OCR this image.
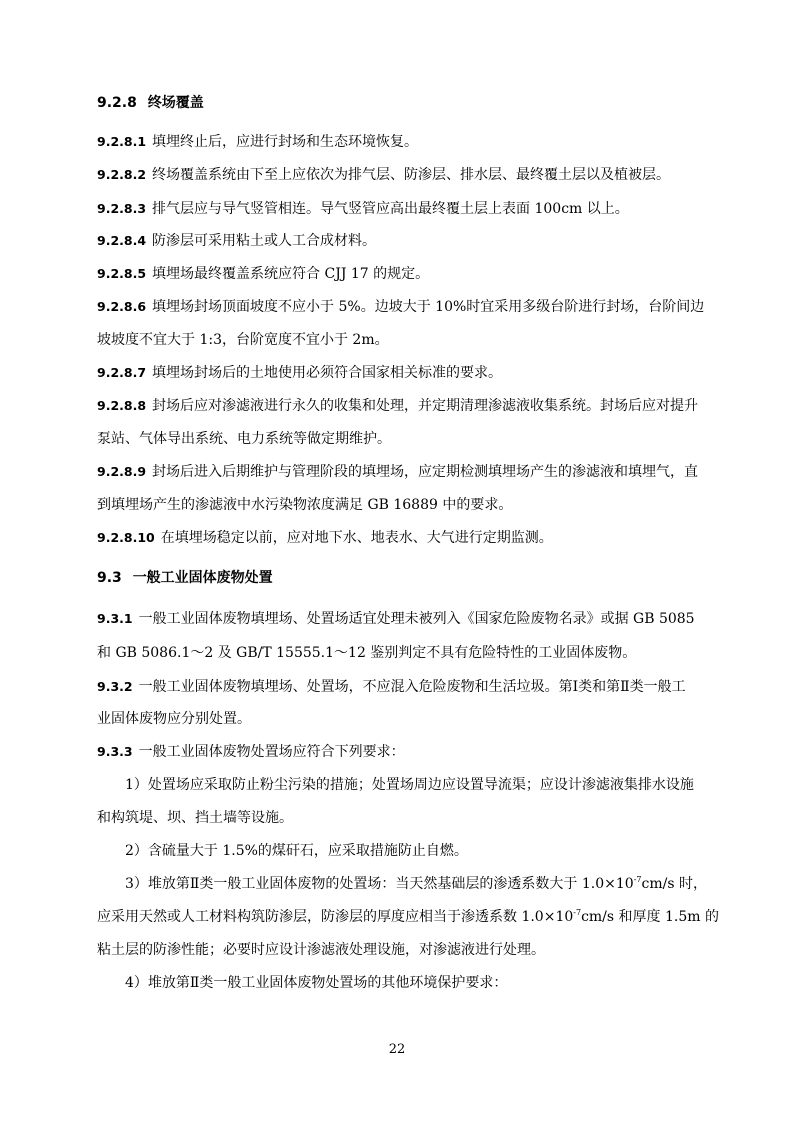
9.2.8 终场覆盖
9.2.8.1 填埋终止后，应进行封场和生态环境恢复。
9.2.8.2 终场覆盖系统由下至上应依次为排气层、防渗层、排水层、最终覆土层以及植被层。
9.2.8.3 排气层应与导气竖管相连。导气竖管应高出最终覆土层上表面 100cm 以上。
9.2.8.4 防渗层可采用粘土或人工合成材料。
9.2.8.5 填埋场最终覆盖系统应符合 CJJ 17 的规定。
9.2.8.6 填埋场封场顶面坡度不应小于 5%。边坡大于 10%时宜采用多级台阶进行封场，台阶间边
坡坡度不宜大于 1:3，台阶宽度不宜小于 2m。
9.2.8.7 填埋场封场后的土地使用必须符合国家相关标准的要求。
9.2.8.8 封场后应对渗滤液进行永久的收集和处理，并定期清理渗滤液收集系统。封场后应对提升
泵站、气体导出系统、电力系统等做定期维护。
9.2.8.9 封场后进入后期维护与管理阶段的填埋场，应定期检测填埋场产生的渗滤液和填埋气，直
到填埋场产生的渗滤液中水污染物浓度满足 GB 16889 中的要求。
9.2.8.10 在填埋场稳定以前，应对地下水、地表水、大气进行定期监测。
9.3 一般工业固体废物处置
9.3.1 一般工业固体废物填埋场、处置场适宜处理未被列入《国家危险废物名录》或据 GB 5085
和 GB 5086.1～2 及 GB/T 15555.1～12 鉴别判定不具有危险特性的工业固体废物。
9.3.2 一般工业固体废物填埋场、处置场，不应混入危险废物和生活垃圾。第Ⅰ类和第Ⅱ类一般工
业固体废物应分别处置。
9.3.3 一般工业固体废物处置场应符合下列要求：
1）处置场应采取防止粉尘污染的措施；处置场周边应设置导流渠；应设计渗滤液集排水设施
和构筑堤、坝、挡土墙等设施。
2）含硫量大于 1.5%的煤矸石，应采取措施防止自燃。
3）堆放第Ⅱ类一般工业固体废物的处置场：当天然基础层的渗透系数大于 $1.0\times 10^{-7}cm/s$ 时，
应采用天然或人工材料构筑防渗层，防渗层的厚度应相当于渗透系数 $1.0\times 10^{-7}cm/s$ 和厚度 1.5m 的
粘土层的防渗性能；必要时应设计渗滤液处理设施，对渗滤液进行处理。
4）堆放第Ⅱ类一般工业固体废物处置场的其他环境保护要求：
22
